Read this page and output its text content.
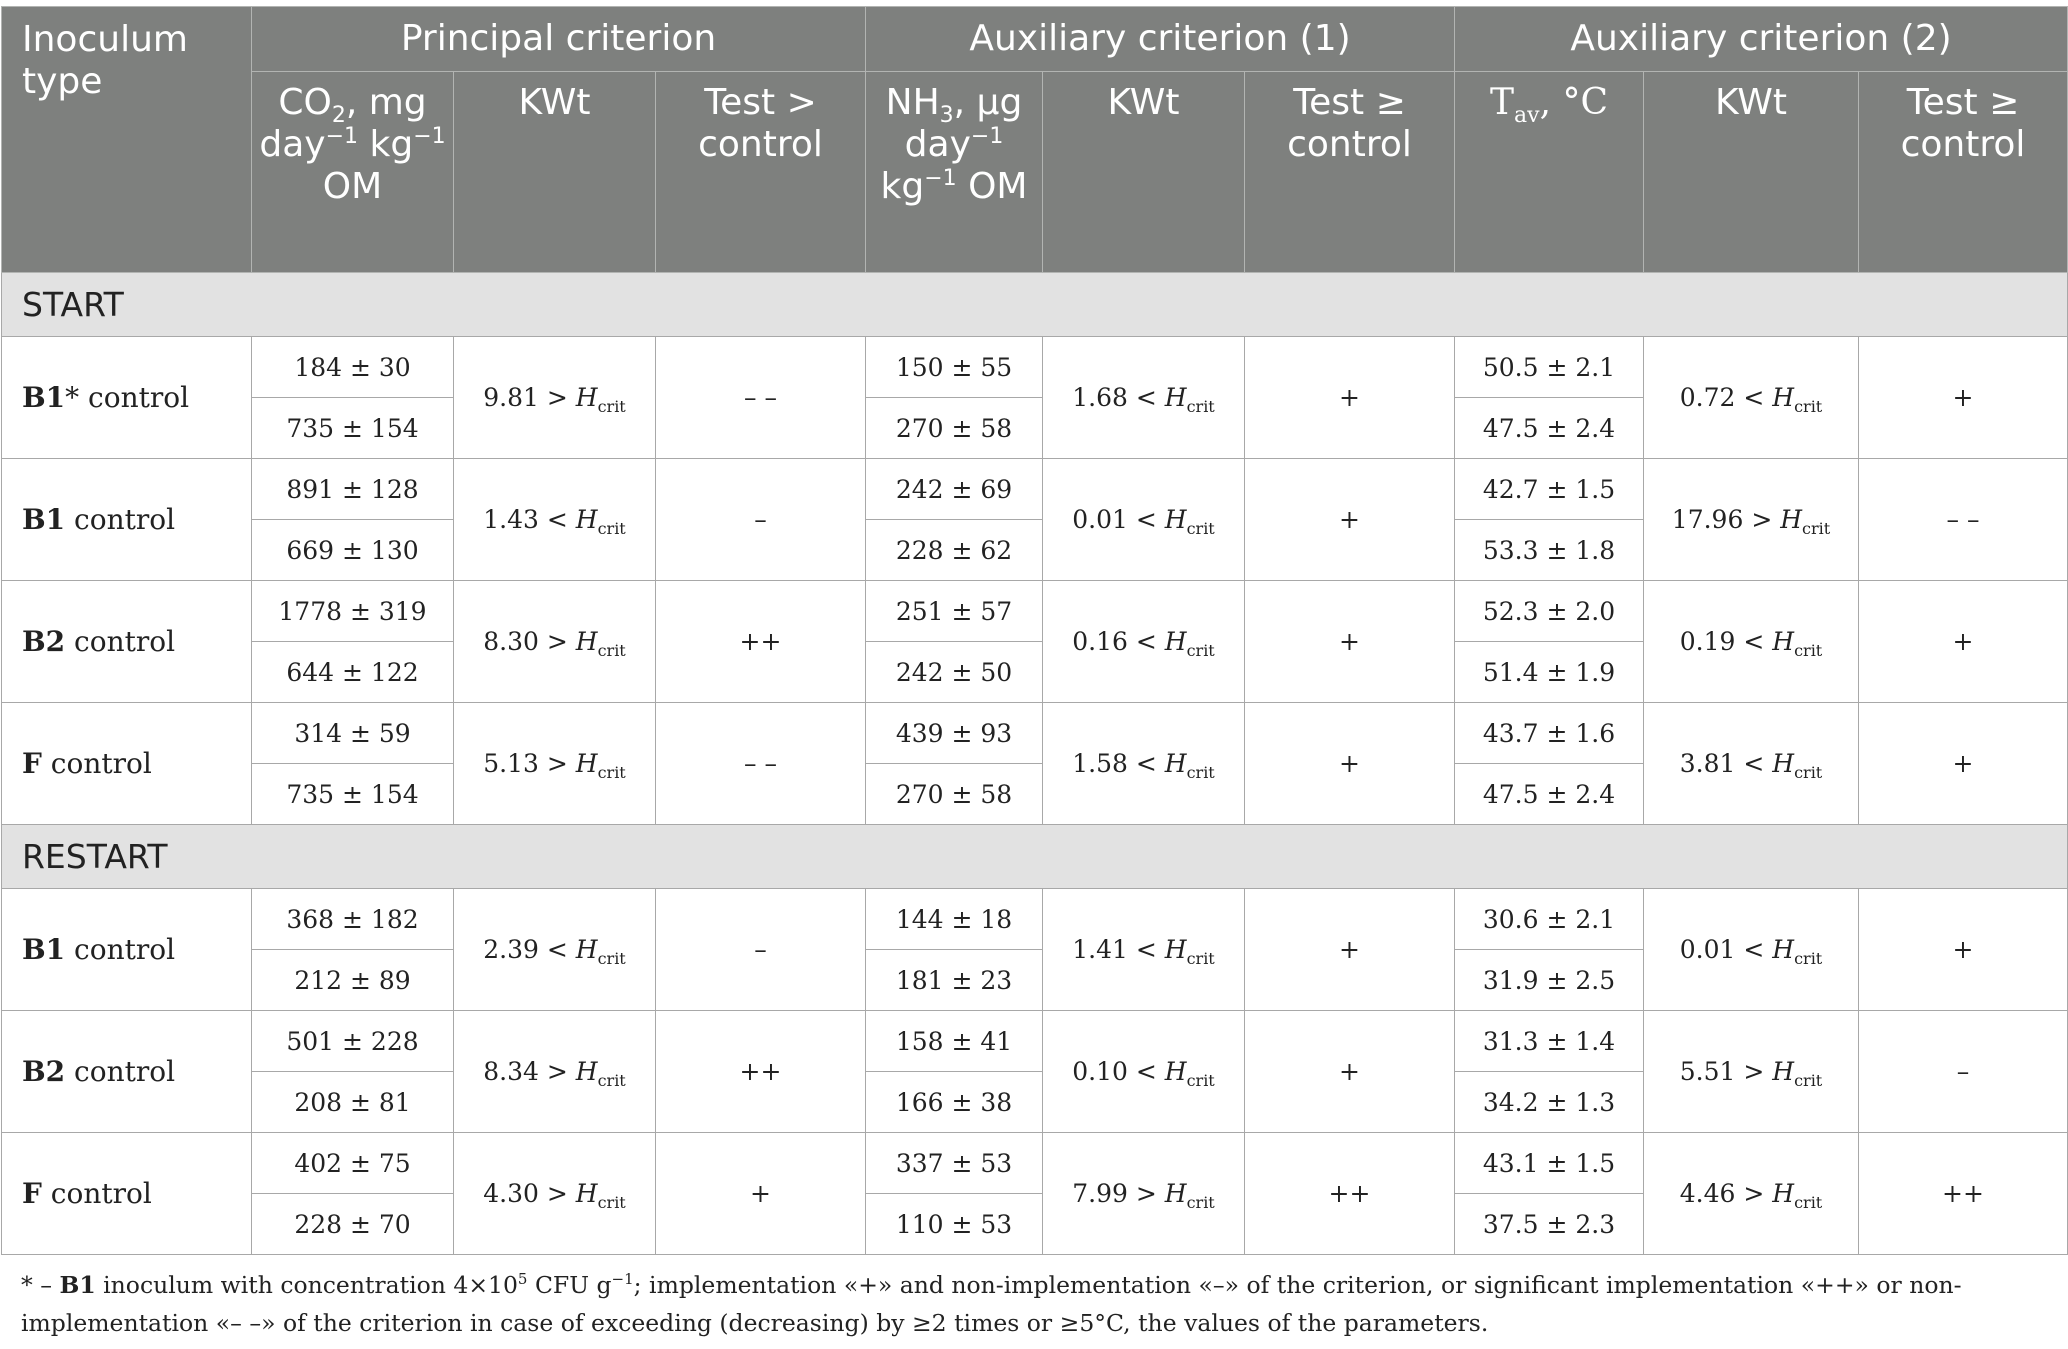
Inoculum type	Principal criterion			Auxiliary criterion (1)			Auxiliary criterion (2)		
	$CO_2$, mg day$^{-1}$ $kg^{-1}$ OM	KWt	Test > control	$NH_3$, μg day$^{-1}$ $kg^{-1}$ OM	KWt	Test ≥ control	$T_{av}$, °C	KWt	Test ≥ control
START									
B1* control	184 ± 30	$9.81 > H_{crit}$	– –	150 ± 55	$1.68 < H_{crit}$	+	50.5 ± 2.1	$0.72 < H_{crit}$	+
	735 ± 154			270 ± 58			47.5 ± 2.4		
B1 control	891 ± 128	$1.43 < H_{crit}$	–	242 ± 69	$0.01 < H_{crit}$	+	42.7 ± 1.5	$17.96 > H_{crit}$	– –
	669 ± 130			228 ± 62			53.3 ± 1.8		
B2 control	1778 ± 319	$8.30 > H_{crit}$	++	251 ± 57	$0.16 < H_{crit}$	+	52.3 ± 2.0	$0.19 < H_{crit}$	+
	644 ± 122			242 ± 50			51.4 ± 1.9		
F control	314 ± 59	$5.13 > H_{crit}$	– –	439 ± 93	$1.58 < H_{crit}$	+	43.7 ± 1.6	$3.81 < H_{crit}$	+
	735 ± 154			270 ± 58			47.5 ± 2.4		
RESTART									
B1 control	368 ± 182	$2.39 < H_{crit}$	–	144 ± 18	$1.41 < H_{crit}$	+	30.6 ± 2.1	$0.01 < H_{crit}$	+
	212 ± 89			181 ± 23			31.9 ± 2.5		
B2 control	501 ± 228	$8.34 > H_{crit}$	++	158 ± 41	$0.10 < H_{crit}$	+	31.3 ± 1.4	$5.51 > H_{crit}$	–
	208 ± 81			166 ± 38			34.2 ± 1.3		
F control	402 ± 75	$4.30 > H_{crit}$	+	337 ± 53	$7.99 > H_{crit}$	++	43.1 ± 1.5	$4.46 > H_{crit}$	++
	228 ± 70			110 ± 53			37.5 ± 2.3		
* – B1 inoculum with concentration $4\times 10^5$ CFU $g^{-1}$; implementation «+» and non-implementation «–» of the criterion, or significant implementation «++» or non-implementation «– –» of the criterion in case of exceeding (decreasing) by ≥2 times or ≥5°C, the values of the parameters.
